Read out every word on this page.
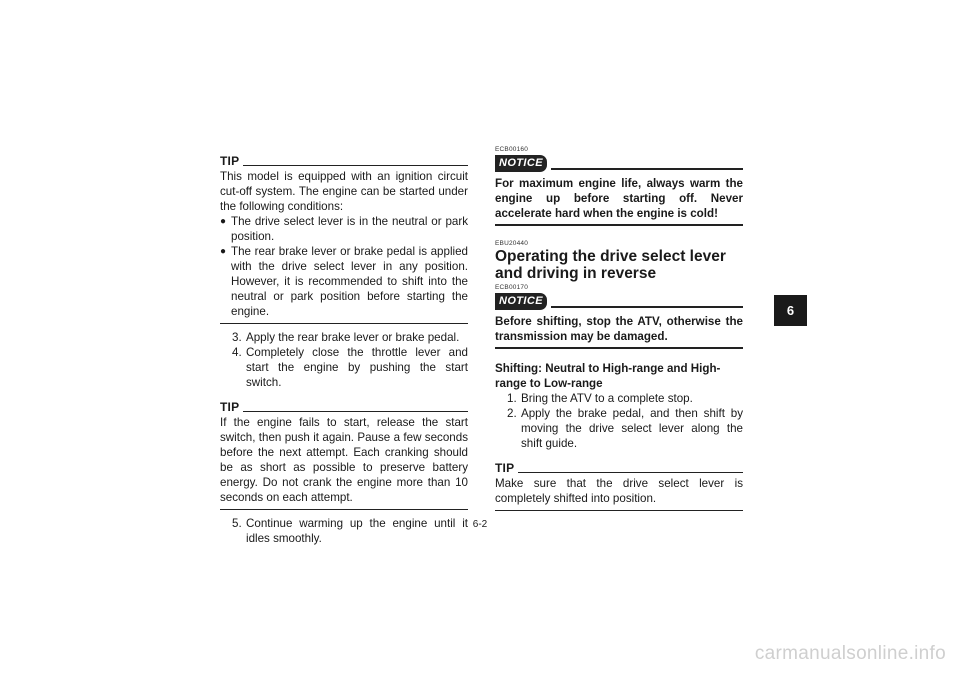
TIP

This model is equipped with an ignition circuit cut-off system. The engine can be started under the following conditions:

● The drive select lever is in the neutral or park position.
● The rear brake lever or brake pedal is applied with the drive select lever in any position. However, it is recommended to shift into the neutral or park position before starting the engine.
3. Apply the rear brake lever or brake pedal.
4. Completely close the throttle lever and start the engine by pushing the start switch.
TIP

If the engine fails to start, release the start switch, then push it again. Pause a few seconds before the next attempt. Each cranking should be as short as possible to preserve battery energy. Do not crank the engine more than 10 seconds on each attempt.

5. Continue warming up the engine until it idles smoothly.

ECB00160

NOTICE

For maximum engine life, always warm the engine up before starting off. Never accelerate hard when the engine is cold!

EBU20440

Operating the drive select lever and driving in reverse

ECB00170

NOTICE

Before shifting, stop the ATV, otherwise the transmission may be damaged.

Shifting: Neutral to High-range and High-range to Low-range

1. Bring the ATV to a complete stop.
2. Apply the brake pedal, and then shift by moving the drive select lever along the shift guide.
TIP

Make sure that the drive select lever is completely shifted into position.

6
6-2
carmanualsonline.info
